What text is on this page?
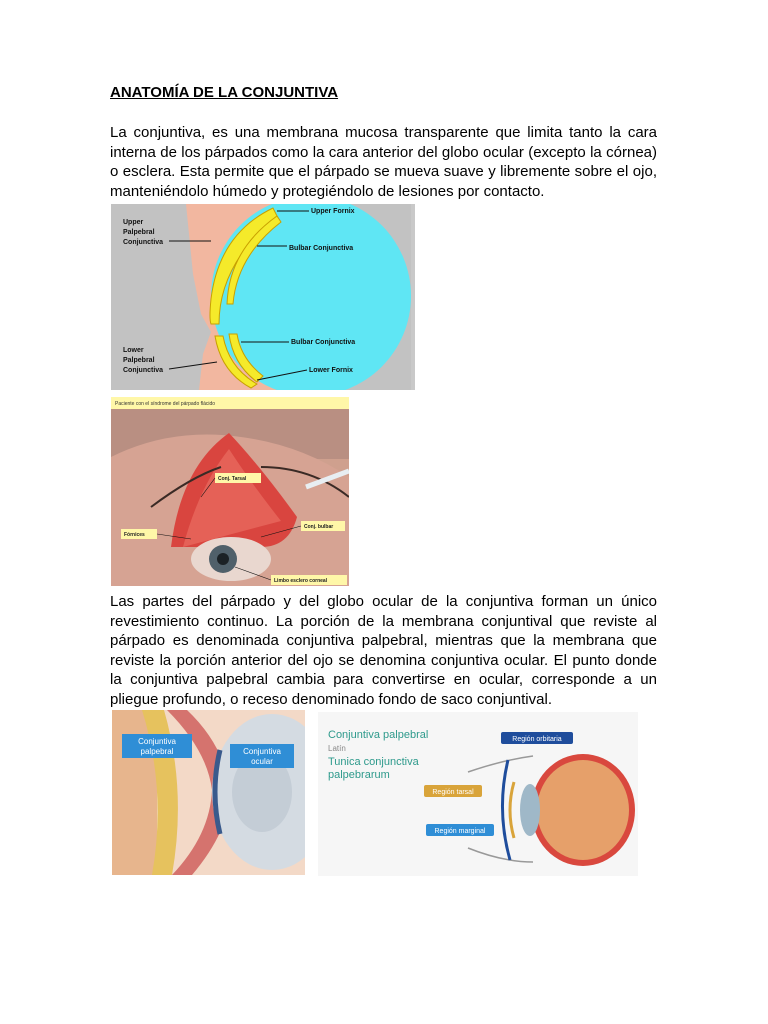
ANATOMÍA DE LA CONJUNTIVA

La conjuntiva, es una membrana mucosa transparente que limita tanto la cara interna de los párpados como la cara anterior del globo ocular (excepto la córnea) o esclera. Esta permite que el párpado se mueva suave y libremente sobre el ojo, manteniéndolo húmedo y protegiéndolo de lesiones por contacto.

Upper
Palpebral
Conjunctiva
Upper Fornix
Bulbar Conjunctiva
Bulbar Conjunctiva
Lower
Palpebral
Conjunctiva	Lower Fornix
Paciente con el síndrome del párpado flácido
Conj. Tarsal
Fórnices
Conj. bulbar
Limbo esclero corneal

Las partes del párpado y del globo ocular de la conjuntiva forman un único revestimiento continuo. La porción de la membrana conjuntival que reviste al párpado es denominada conjuntiva palpebral, mientras que la membrana que reviste la porción anterior del ojo se denomina conjuntiva ocular. El punto donde la conjuntiva palpebral cambia para convertirse en ocular, corresponde a un pliegue profundo, o receso denominado fondo de saco conjuntival.

Conjuntiva
palpebral	Conjuntiva
ocular
Conjuntiva palpebral
Latín
Tunica conjunctiva
palpebrarum
Región orbitaria
Región tarsal
Región marginal
